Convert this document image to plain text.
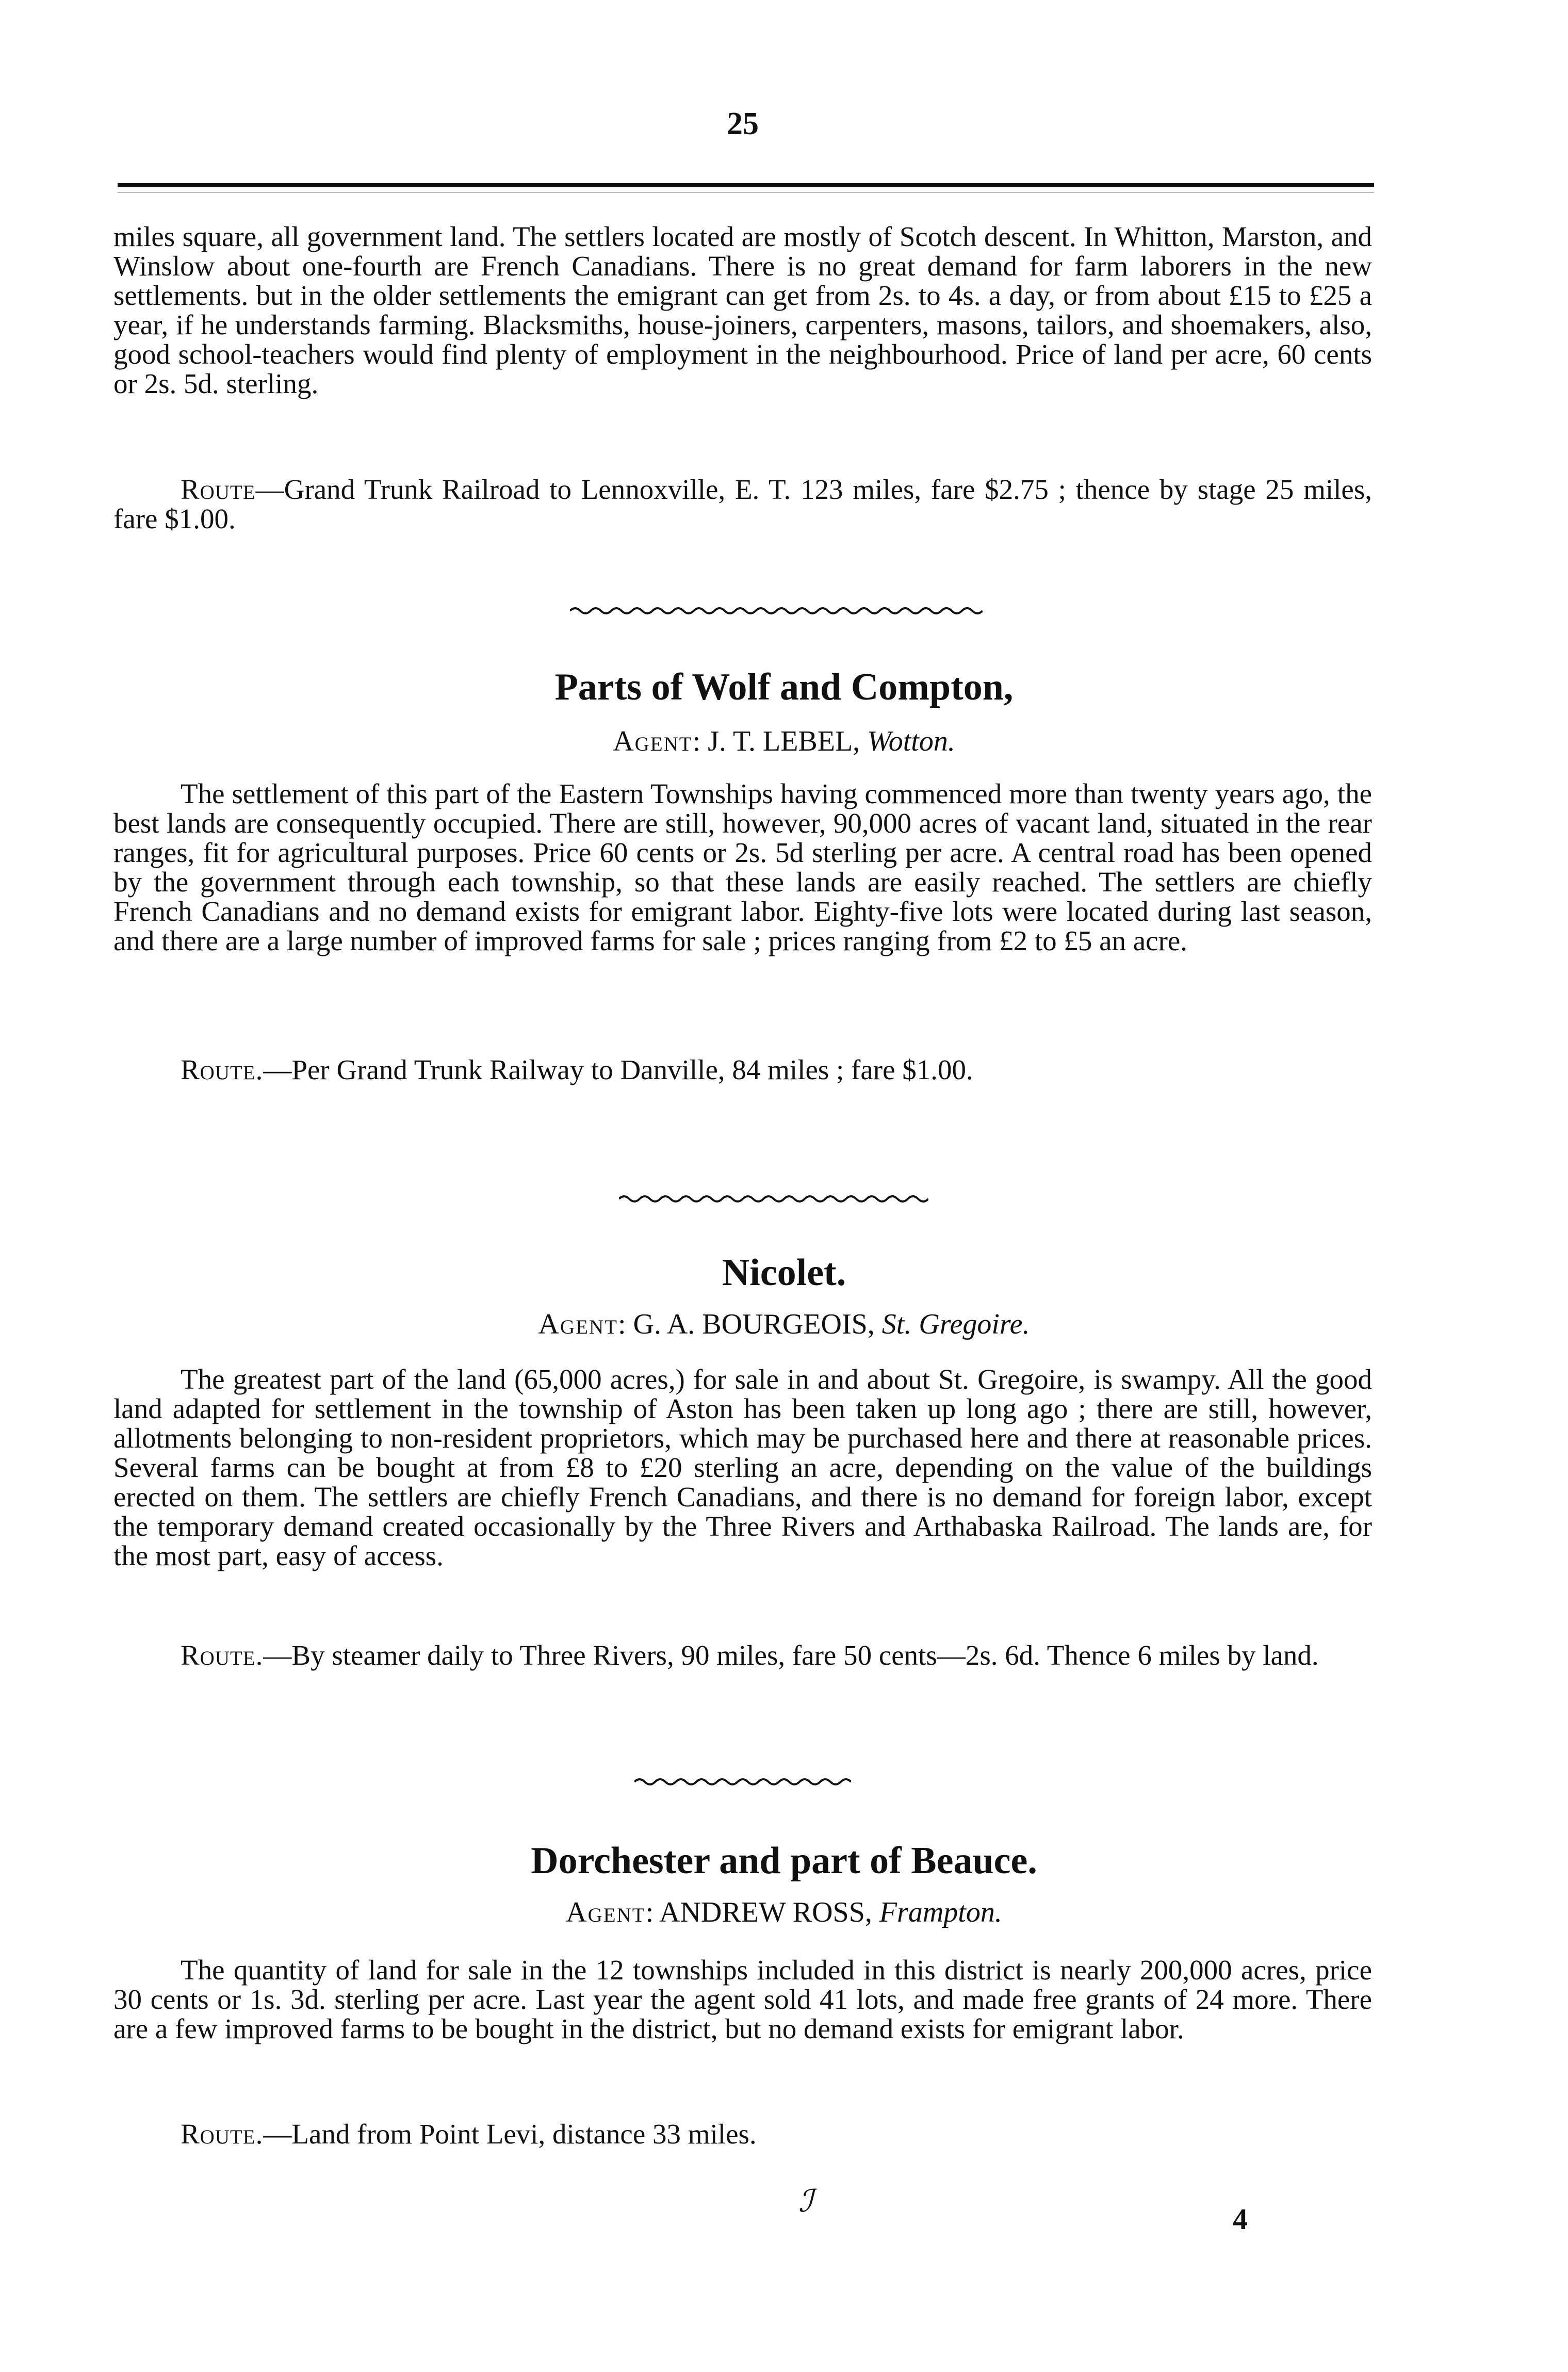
25

miles square, all government land. The settlers located are mostly of Scotch descent. In Whitton, Marston, and Winslow about one-fourth are French Canadians. There is no great demand for farm laborers in the new settlements. but in the older settlements the emigrant can get from 2s. to 4s. a day, or from about £15 to £25 a year, if he understands farming. Blacksmiths, house-joiners, carpenters, masons, tailors, and shoemakers, also, good school-teachers would find plenty of employment in the neighbourhood. Price of land per acre, 60 cents or 2s. 5d. sterling.

Route—Grand Trunk Railroad to Lennoxville, E. T. 123 miles, fare $2.75 ; thence by stage 25 miles, fare $1.00.

Parts of Wolf and Compton,

Agent: J. T. LEBEL, Wotton.

The settlement of this part of the Eastern Townships having commenced more than twenty years ago, the best lands are consequently occupied. There are still, however, 90,000 acres of vacant land, situated in the rear ranges, fit for agricultural purposes. Price 60 cents or 2s. 5d sterling per acre. A central road has been opened by the government through each township, so that these lands are easily reached. The settlers are chiefly French Canadians and no demand exists for emigrant labor. Eighty-five lots were located during last season, and there are a large number of improved farms for sale ; prices ranging from £2 to £5 an acre.

Route.—Per Grand Trunk Railway to Danville, 84 miles ; fare $1.00.

Nicolet.

Agent: G. A. BOURGEOIS, St. Gregoire.

The greatest part of the land (65,000 acres,) for sale in and about St. Gregoire, is swampy. All the good land adapted for settlement in the township of Aston has been taken up long ago ; there are still, however, allotments belonging to non-resident proprietors, which may be purchased here and there at reasonable prices. Several farms can be bought at from £8 to £20 sterling an acre, depending on the value of the buildings erected on them. The settlers are chiefly French Canadians, and there is no demand for foreign labor, except the temporary demand created occasionally by the Three Rivers and Arthabaska Railroad. The lands are, for the most part, easy of access.

Route.—By steamer daily to Three Rivers, 90 miles, fare 50 cents—2s. 6d. Thence 6 miles by land.

Dorchester and part of Beauce.

Agent: ANDREW ROSS, Frampton.

The quantity of land for sale in the 12 townships included in this district is nearly 200,000 acres, price 30 cents or 1s. 3d. sterling per acre. Last year the agent sold 41 lots, and made free grants of 24 more. There are a few improved farms to be bought in the district, but no demand exists for emigrant labor.

Route.—Land from Point Levi, distance 33 miles.

ℐ
4
